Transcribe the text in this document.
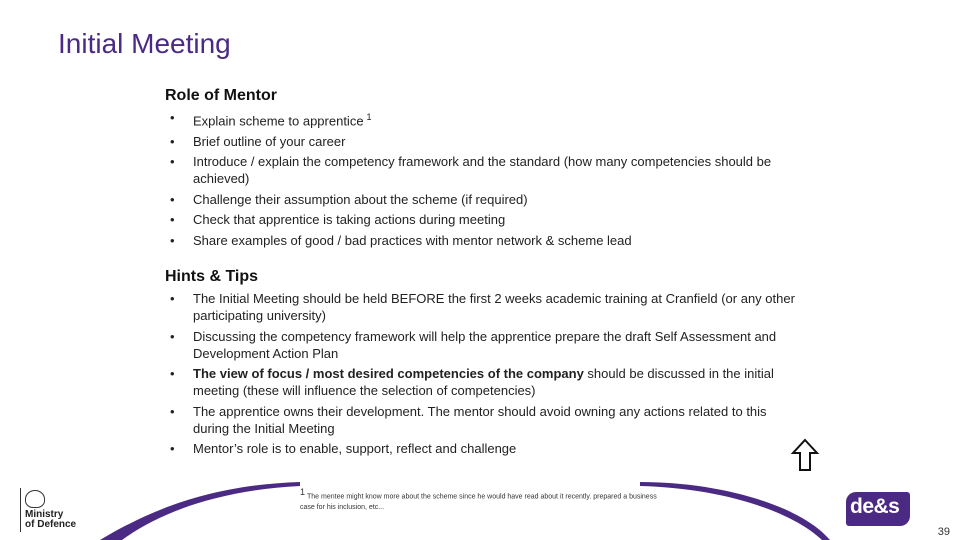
Initial Meeting
Role of Mentor
• Explain scheme to apprentice $^1$
• Brief outline of your career
• Introduce / explain the competency framework and the standard (how many competencies should be achieved)
• Challenge their assumption about the scheme (if required)
• Check that apprentice is taking actions during meeting
• Share examples of good / bad practices with mentor network & scheme lead
Hints & Tips
• The Initial Meeting should be held BEFORE the first 2 weeks academic training at Cranfield (or any other participating university)
• Discussing the competency framework will help the apprentice prepare the draft Self Assessment and Development Action Plan
• The view of focus / most desired competencies of the company should be discussed in the initial meeting (these will influence the selection of competencies)
• The apprentice owns their development. The mentor should avoid owning any actions related to this during the Initial Meeting
• Mentor’s role is to enable, support, reflect and challenge
1 The mentee might know more about the scheme since he would have read about it recently. prepared a business case for his inclusion, etc...
Ministry
of Defence
de&s
39
